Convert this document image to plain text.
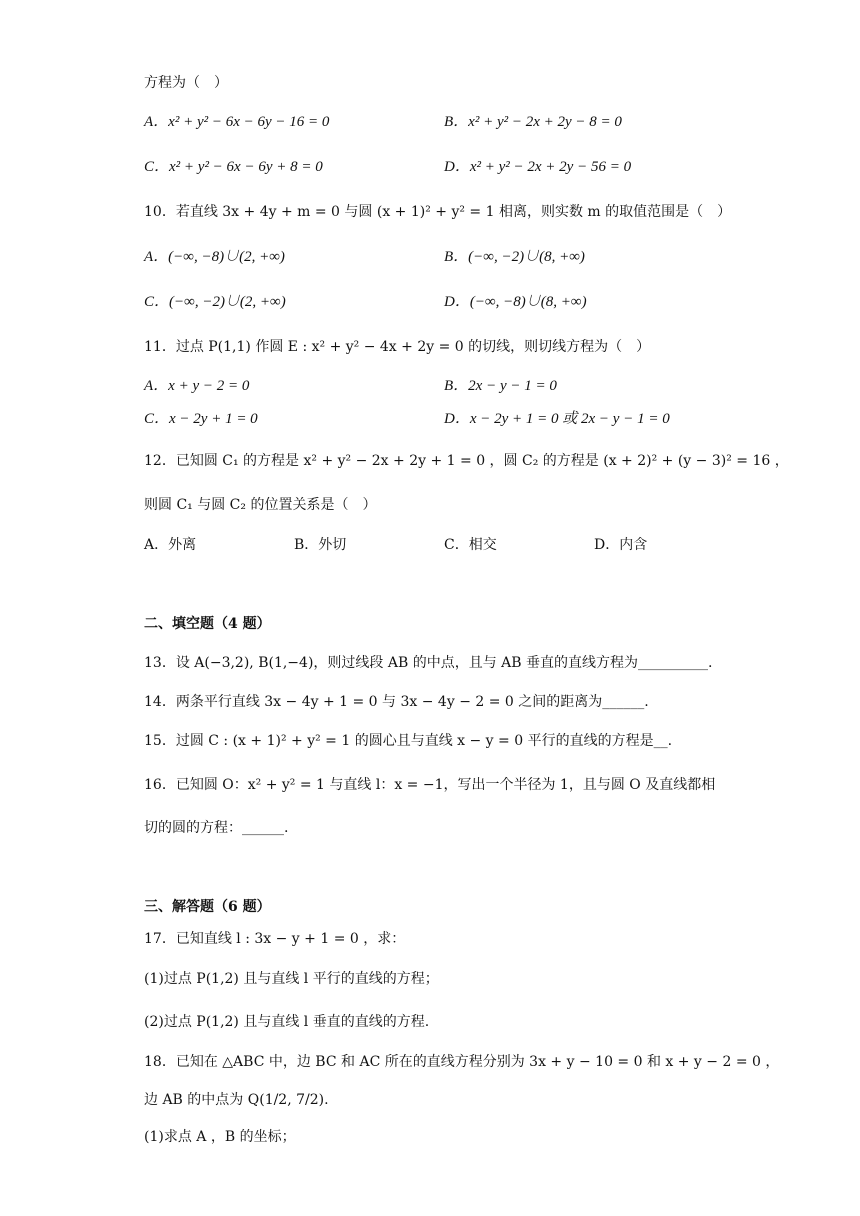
方程为（　）
A．x² + y² − 6x − 6y − 16 = 0	B．x² + y² − 2x + 2y − 8 = 0
C．x² + y² − 6x − 6y + 8 = 0	D．x² + y² − 2x + 2y − 56 = 0
10．若直线 3x + 4y + m = 0 与圆 (x + 1)² + y² = 1 相离，则实数 m 的取值范围是（　）
A．(−∞, −8)∪(2, +∞)	B．(−∞, −2)∪(8, +∞)
C．(−∞, −2)∪(2, +∞)	D．(−∞, −8)∪(8, +∞)
11．过点 P(1,1) 作圆 E : x² + y² − 4x + 2y = 0 的切线，则切线方程为（　）
A．x + y − 2 = 0	B．2x − y − 1 = 0
C．x − 2y + 1 = 0	D．x − 2y + 1 = 0 或 2x − y − 1 = 0
12．已知圆 C₁ 的方程是 x² + y² − 2x + 2y + 1 = 0 ，圆 C₂ 的方程是 (x + 2)² + (y − 3)² = 16 ，
则圆 C₁ 与圆 C₂ 的位置关系是（　）
A．外离	B．外切	C．相交	D．内含
二、填空题（4 题）
13．设 A(−3,2), B(1,−4)，则过线段 AB 的中点，且与 AB 垂直的直线方程为__________.
14．两条平行直线 3x − 4y + 1 = 0 与 3x − 4y − 2 = 0 之间的距离为______.
15．过圆 C : (x + 1)² + y² = 1 的圆心且与直线 x − y = 0 平行的直线的方程是__.
16．已知圆 O：x² + y² = 1 与直线 l：x = −1，写出一个半径为 1，且与圆 O 及直线都相
切的圆的方程：______.
三、解答题（6 题）
17．已知直线 l : 3x − y + 1 = 0 ，求：
(1)过点 P(1,2) 且与直线 l 平行的直线的方程；
(2)过点 P(1,2) 且与直线 l 垂直的直线的方程.
18．已知在 △ABC 中，边 BC 和 AC 所在的直线方程分别为 3x + y − 10 = 0 和 x + y − 2 = 0 ，
边 AB 的中点为 Q(1/2, 7/2).
(1)求点 A ，B 的坐标；
